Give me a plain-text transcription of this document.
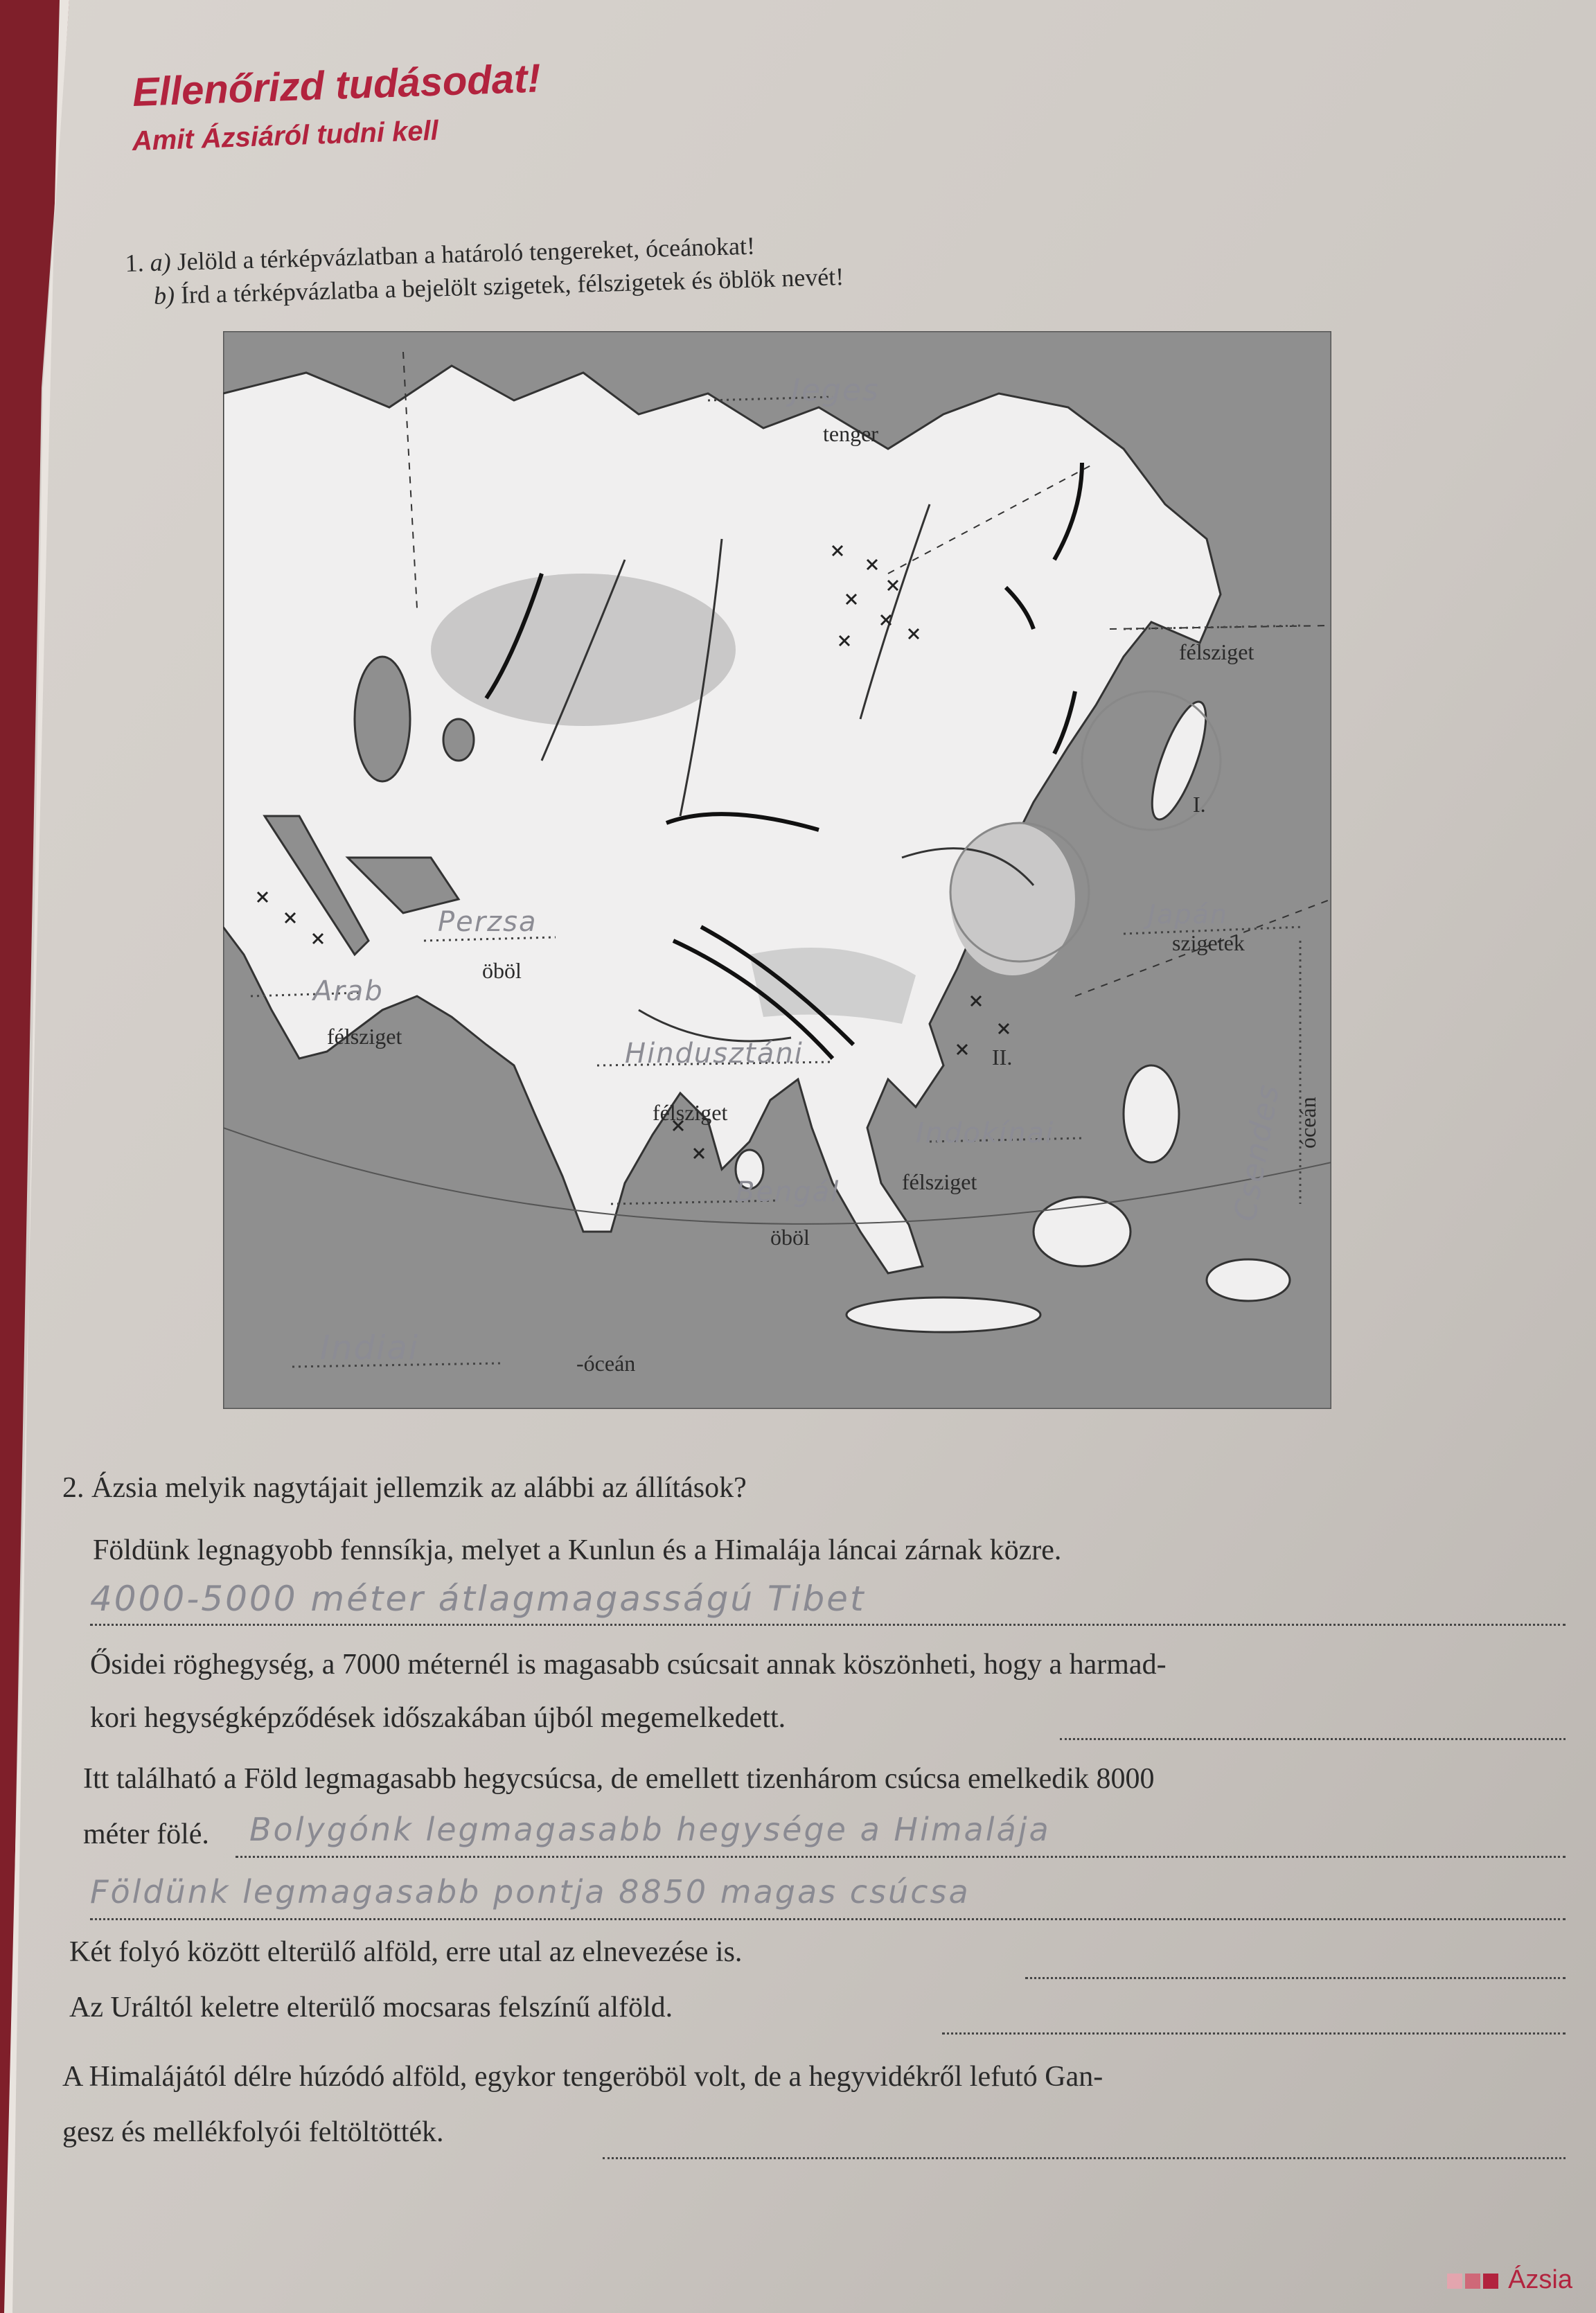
Ellenőrizd tudásodat!
Amit Ázsiáról tudni kell
1. a) Jelöld a térképvázlatban a határoló tengereket, óceánokat!
b) Írd a térképvázlatba a bejelölt szigetek, félszigetek és öblök nevét!
tenger
félsziget
szigetek
öböl
félsziget
félsziget
félsziget
öböl
-óceán
óceán
I.
II.
Jeges
Perzsa
Arab
Hindusztáni
Indokínai
Bengál
Japán
Csendes
Indiai
2. Ázsia melyik nagytájait jellemzik az alábbi az állítások?
Földünk legnagyobb fennsíkja, melyet a Kunlun és a Himalája láncai zárnak közre.
4000-5000 méter átlagmagasságú Tibet
Ősidei röghegység, a 7000 méternél is magasabb csúcsait annak köszönheti, hogy a harmad-
kori hegységképződések időszakában újból megemelkedett.
Itt található a Föld legmagasabb hegycsúcsa, de emellett tizenhárom csúcsa emelkedik 8000
méter fölé. Bolygónk legmagasabb hegysége a Himalája
Földünk legmagasabb pontja 8850 magas csúcsa
Két folyó között elterülő alföld, erre utal az elnevezése is.
Az Uráltól keletre elterülő mocsaras felszínű alföld.
A Himalájától délre húzódó alföld, egykor tengeröböl volt, de a hegyvidékről lefutó Gan-
gesz és mellékfolyói feltöltötték.
Ázsia
